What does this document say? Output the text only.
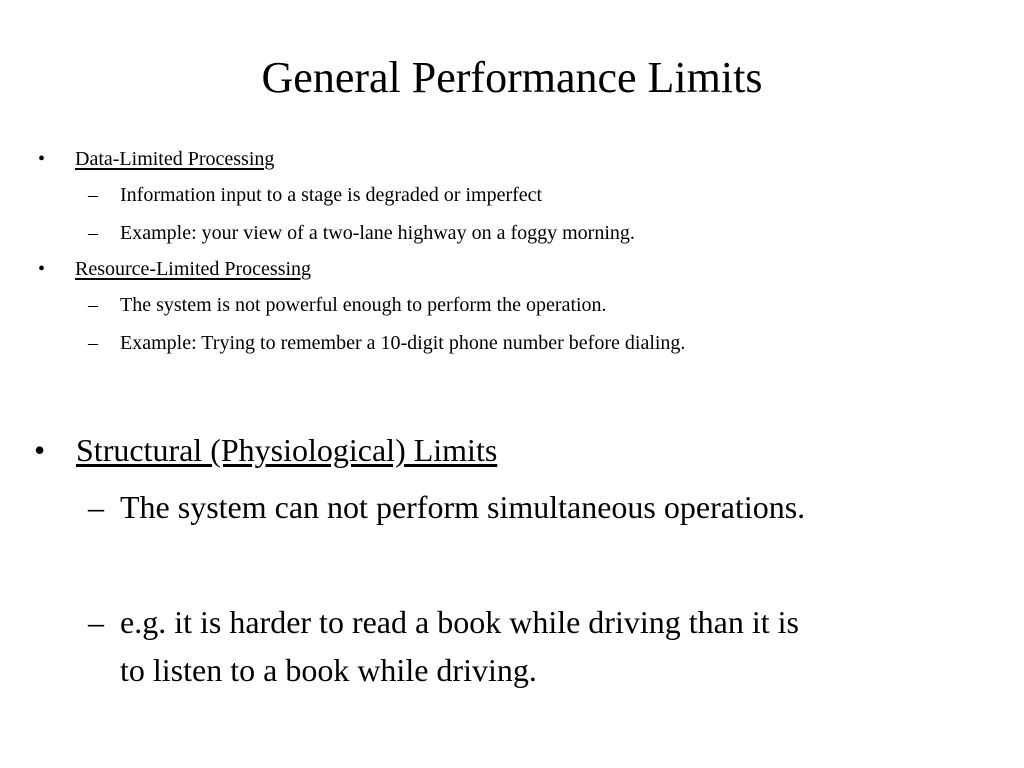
General Performance Limits
• Data-Limited Processing
– Information input to a stage is degraded or imperfect
– Example: your view of a two-lane highway on a foggy morning.
• Resource-Limited Processing
– The system is not powerful enough to perform the operation.
– Example: Trying to remember a 10-digit phone number before dialing.
• Structural (Physiological) Limits
– The system can not perform simultaneous operations.
– e.g. it is harder to read a book while driving than it is
to listen to a book while driving.
